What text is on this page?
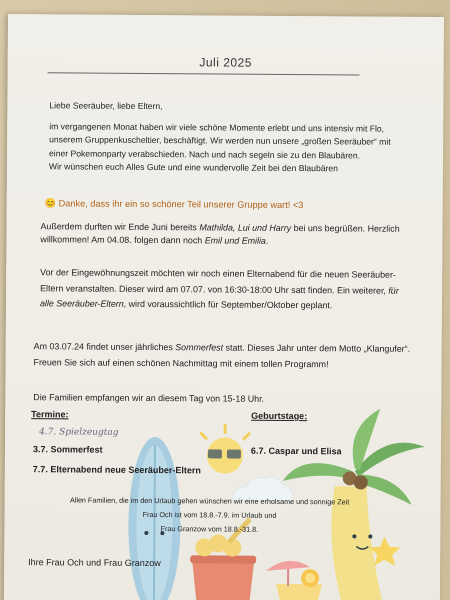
Juli 2025
Liebe Seeräuber, liebe Eltern,
im vergangenen Monat haben wir viele schöne Momente erlebt und uns intensiv mit Flo, unserem Gruppenkuscheltier, beschäftigt. Wir werden nun unsere „großen Seeräuber“ mit einer Pokemonparty verabschieden. Nach und nach segeln sie zu den Blaubären.
Wir wünschen euch Alles Gute und eine wundervolle Zeit bei den Blaubären
😊 Danke, dass ihr ein so schöner Teil unserer Gruppe wart! <3
Außerdem durften wir Ende Juni bereits Mathilda, Lui und Harry bei uns begrüßen. Herzlich willkommen! Am 04.08. folgen dann noch Emil und Emilia.
Vor der Eingewöhnungszeit möchten wir noch einen Elternabend für die neuen Seeräuber-Eltern veranstalten. Dieser wird am 07.07. von 16:30-18:00 Uhr satt finden. Ein weiterer, für alle Seeräuber-Eltern, wird voraussichtlich für September/Oktober geplant.
Am 03.07.24 findet unser jährliches Sommerfest statt. Dieses Jahr unter dem Motto „Klangufer“. Freuen Sie sich auf einen schönen Nachmittag mit einem tollen Programm!
Die Familien empfangen wir an diesem Tag von 15-18 Uhr.
Termine:	Geburtstage:
4.7. Spielzeugtag
3.7. Sommerfest
7.7. Elternabend neue Seeräuber-Eltern
6.7. Caspar und Elisa
Allen Familien, die im den Urlaub gehen wünschen wir eine erholsame und sonnige Zeit
Frau Och ist vom 18.8.-7.9. im Urlaub und
Frau Granzow vom 18.8.-31.8.
Ihre Frau Och und Frau Granzow
